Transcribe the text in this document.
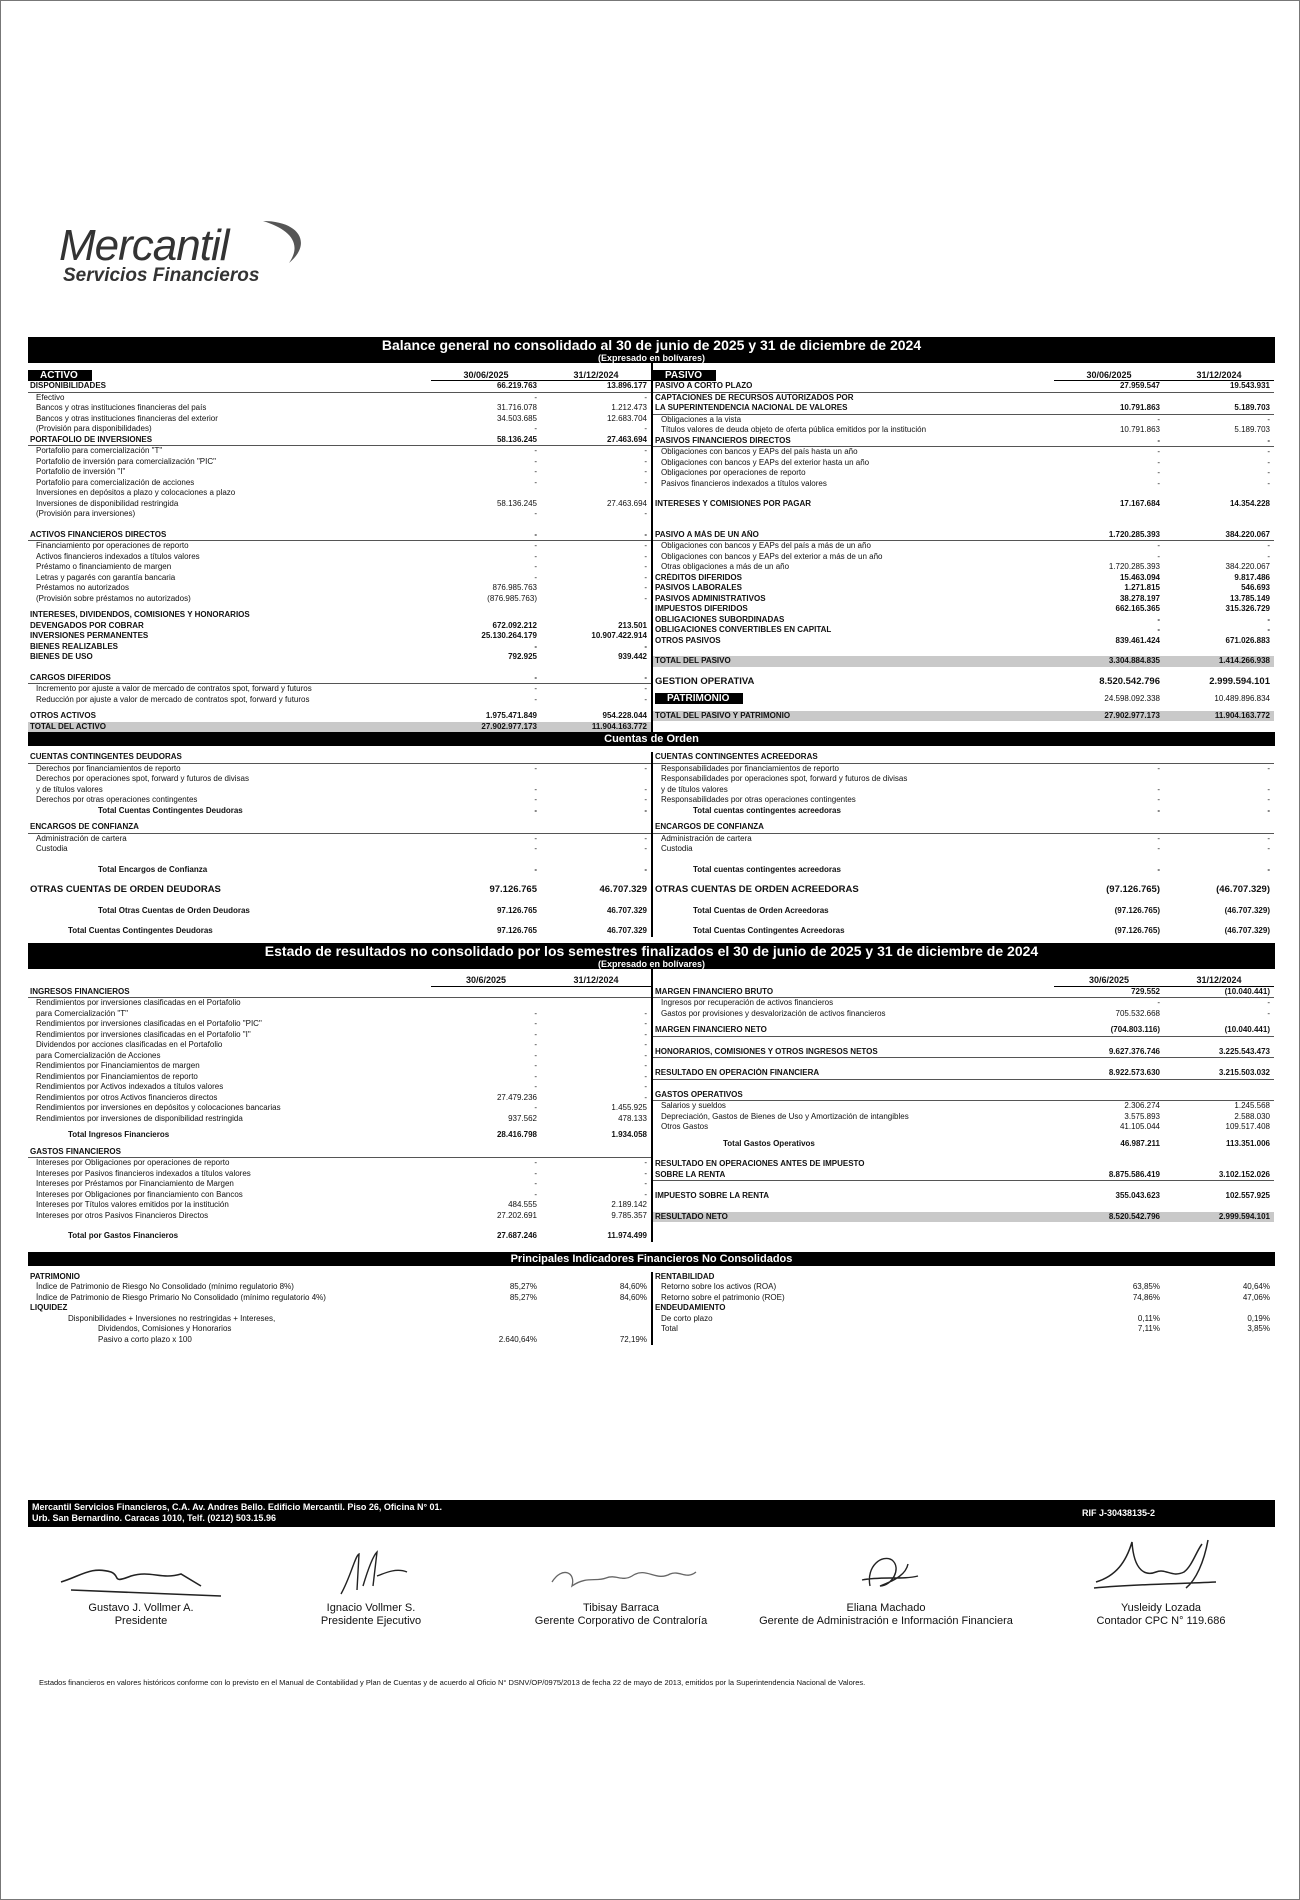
Mercantil
Servicios Financieros
Balance general no consolidado al 30 de junio de 2025 y 31 de diciembre de 2024
(Expresado en bolívares)
ACTIVO	30/06/2025	31/12/2024
DISPONIBILIDADES	66.219.763	13.896.177
Efectivo	-	-
Bancos y otras instituciones financieras del país	31.716.078	1.212.473
Bancos y otras instituciones financieras del exterior	34.503.685	12.683.704
(Provisión para disponibilidades)	-	-
PORTAFOLIO DE INVERSIONES	58.136.245	27.463.694
Portafolio para comercialización "T"	-	-
Portafolio de inversión para comercialización "PIC"	-	-
Portafolio de inversión "I"	-	-
Portafolio para comercialización de acciones	-	-
Inversiones en depósitos a plazo y colocaciones a plazo
Inversiones de disponibilidad restringida	58.136.245	27.463.694
(Provisión para inversiones)	-	-
ACTIVOS FINANCIEROS DIRECTOS	-	-
Financiamiento por operaciones de reporto	-	-
Activos financieros indexados a títulos valores	-	-
Préstamo o financiamiento de margen	-	-
Letras y pagarés con garantía bancaria	-	-
Préstamos no autorizados	876.985.763	-
(Provisión sobre préstamos no autorizados)	(876.985.763)	-
INTERESES, DIVIDENDOS, COMISIONES Y HONORARIOS
DEVENGADOS POR COBRAR	672.092.212	213.501
INVERSIONES PERMANENTES	25.130.264.179	10.907.422.914
BIENES REALIZABLES	-	-
BIENES DE USO	792.925	939.442
CARGOS DIFERIDOS	-	-
Incremento por ajuste a valor de mercado de contratos spot, forward y futuros	-	-
Reducción por ajuste a valor de mercado de contratos spot, forward y futuros	-	-
OTROS ACTIVOS	1.975.471.849	954.228.044
TOTAL DEL ACTIVO	27.902.977.173	11.904.163.772
PASIVO	30/06/2025	31/12/2024
PASIVO A CORTO PLAZO	27.959.547	19.543.931
CAPTACIONES DE RECURSOS AUTORIZADOS POR
LA SUPERINTENDENCIA NACIONAL DE VALORES	10.791.863	5.189.703
Obligaciones a la vista	-	-
Títulos valores de deuda objeto de oferta pública emitidos por la institución	10.791.863	5.189.703
PASIVOS FINANCIEROS DIRECTOS	-	-
Obligaciones con bancos y EAPs del país hasta un año	-	-
Obligaciones con bancos y EAPs del exterior hasta un año	-	-
Obligaciones por operaciones de reporto	-	-
Pasivos financieros indexados a títulos valores	-	-
INTERESES Y COMISIONES POR PAGAR	17.167.684	14.354.228
PASIVO A MÁS DE UN AÑO	1.720.285.393	384.220.067
Obligaciones con bancos y EAPs del país a más de un año	-	-
Obligaciones con bancos y EAPs del exterior a más de un año	-	-
Otras obligaciones a más de un año	1.720.285.393	384.220.067
CRÉDITOS DIFERIDOS	15.463.094	9.817.486
PASIVOS LABORALES	1.271.815	546.693
PASIVOS ADMINISTRATIVOS	38.278.197	13.785.149
IMPUESTOS DIFERIDOS	662.165.365	315.326.729
OBLIGACIONES SUBORDINADAS	-	-
OBLIGACIONES CONVERTIBLES EN CAPITAL	-	-
OTROS PASIVOS	839.461.424	671.026.883
TOTAL DEL PASIVO	3.304.884.835	1.414.266.938
GESTIÓN OPERATIVA	8.520.542.796	2.999.594.101
PATRIMONIO	24.598.092.338	10.489.896.834
TOTAL DEL PASIVO Y PATRIMONIO	27.902.977.173	11.904.163.772
Cuentas de Orden
CUENTAS CONTINGENTES DEUDORAS
Derechos por financiamientos de reporto	-	-
Derechos por operaciones spot, forward y futuros de divisas
y de títulos valores	-	-
Derechos por otras operaciones contingentes	-	-
Total Cuentas Contingentes Deudoras	-	-
ENCARGOS DE CONFIANZA
Administración de cartera	-	-
Custodia	-	-
Total Encargos de Confianza	-	-
OTRAS CUENTAS DE ORDEN DEUDORAS	97.126.765	46.707.329
Total Otras Cuentas de Orden Deudoras	97.126.765	46.707.329
Total Cuentas Contingentes Deudoras	97.126.765	46.707.329
CUENTAS CONTINGENTES ACREEDORAS
Responsabilidades por financiamientos de reporto	-	-
Responsabilidades por operaciones spot, forward y futuros de divisas
y de títulos valores	-	-
Responsabilidades por otras operaciones contingentes	-	-
Total cuentas contingentes acreedoras	-	-
ENCARGOS DE CONFIANZA
Administración de cartera	-	-
Custodia	-	-
Total cuentas contingentes acreedoras	-	-
OTRAS CUENTAS DE ORDEN ACREEDORAS	(97.126.765)	(46.707.329)
Total Cuentas de Orden Acreedoras	(97.126.765)	(46.707.329)
Total Cuentas Contingentes Acreedoras	(97.126.765)	(46.707.329)
Estado de resultados no consolidado por los semestres finalizados el 30 de junio de 2025 y 31 de diciembre de 2024
(Expresado en bolívares)
30/6/2025	31/12/2024
INGRESOS FINANCIEROS
Rendimientos por inversiones clasificadas en el Portafolio
para Comercialización "T"	-	-
Rendimientos por inversiones clasificadas en el Portafolio "PIC"	-	-
Rendimientos por inversiones clasificadas en el Portafolio "I"	-	-
Dividendos por acciones clasificadas en el Portafolio	-	-
para Comercialización de Acciones	-	-
Rendimientos por Financiamientos de margen	-	-
Rendimientos por Financiamientos de reporto	-	-
Rendimientos por Activos indexados a títulos valores	-	-
Rendimientos por otros Activos financieros directos	27.479.236	-
Rendimientos por inversiones en depósitos y colocaciones bancarias	-	1.455.925
Rendimientos por inversiones de disponibilidad restringida	937.562	478.133
Total Ingresos Financieros	28.416.798	1.934.058
GASTOS FINANCIEROS
Intereses por Obligaciones por operaciones de reporto	-	-
Intereses por Pasivos financieros indexados a títulos valores	-	-
Intereses por Préstamos por Financiamiento de Margen	-	-
Intereses por Obligaciones por financiamiento con Bancos	-	-
Intereses por Títulos valores emitidos por la institución	484.555	2.189.142
Intereses por otros Pasivos Financieros Directos	27.202.691	9.785.357
Total por Gastos Financieros	27.687.246	11.974.499
30/6/2025	31/12/2024
MARGEN FINANCIERO BRUTO	729.552	(10.040.441)
Ingresos por recuperación de activos financieros	-	-
Gastos por provisiones y desvalorización de activos financieros	705.532.668	-
MARGEN FINANCIERO NETO	(704.803.116)	(10.040.441)
HONORARIOS, COMISIONES Y OTROS INGRESOS NETOS	9.627.376.746	3.225.543.473
RESULTADO EN OPERACIÓN FINANCIERA	8.922.573.630	3.215.503.032
GASTOS OPERATIVOS
Salarios y sueldos	2.306.274	1.245.568
Depreciación, Gastos de Bienes de Uso y Amortización de intangibles	3.575.893	2.588.030
Otros Gastos	41.105.044	109.517.408
Total Gastos Operativos	46.987.211	113.351.006
RESULTADO EN OPERACIONES ANTES DE IMPUESTO
SOBRE LA RENTA	8.875.586.419	3.102.152.026
IMPUESTO SOBRE LA RENTA	355.043.623	102.557.925
RESULTADO NETO	8.520.542.796	2.999.594.101
Principales Indicadores Financieros No Consolidados
PATRIMONIO
Índice de Patrimonio de Riesgo No Consolidado (mínimo regulatorio 8%)	85,27%	84,60%
Índice de Patrimonio de Riesgo Primario No Consolidado (mínimo regulatorio 4%)	85,27%	84,60%
LIQUIDEZ
Disponibilidades + Inversiones no restringidas + Intereses,
Dividendos, Comisiones y Honorarios
Pasivo a corto plazo x 100	2.640,64%	72,19%
RENTABILIDAD
Retorno sobre los activos (ROA)	63,85%	40,64%
Retorno sobre el patrimonio (ROE)	74,86%	47,06%
ENDEUDAMIENTO
De corto plazo	0,11%	0,19%
Total	7,11%	3,85%
Mercantil Servicios Financieros, C.A. Av. Andres Bello. Edificio Mercantil. Piso 26, Oficina N° 01.
Urb. San Bernardino. Caracas 1010, Telf. (0212) 503.15.96	RIF J-30438135-2
Gustavo J. Vollmer A.
Presidente
Ignacio Vollmer S.
Presidente Ejecutivo
Tibisay Barraca
Gerente Corporativo de Contraloría
Eliana Machado
Gerente de Administración e Información Financiera
Yusleidy Lozada
Contador CPC N° 119.686
Estados financieros en valores históricos conforme con lo previsto en el Manual de Contabilidad y Plan de Cuentas y de acuerdo al Oficio N° DSNV/OP/0975/2013 de fecha 22 de mayo de 2013, emitidos por la Superintendencia Nacional de Valores.
